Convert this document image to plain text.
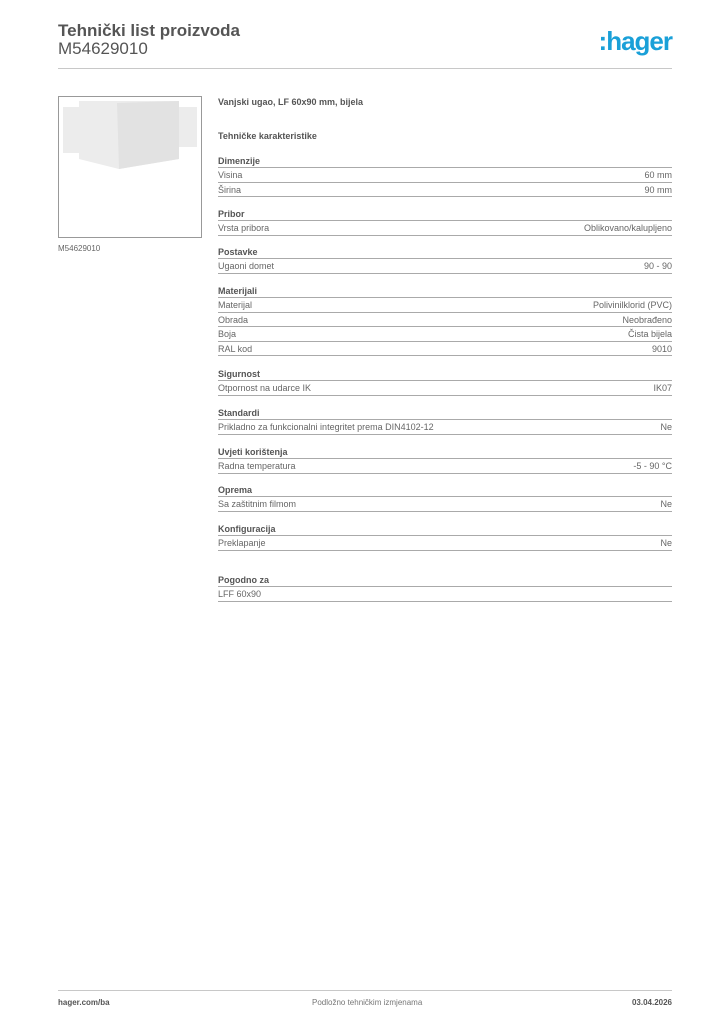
Tehnički list proizvoda
M54629010	:hager
M54629010
Vanjski ugao, LF 60x90 mm, bijela
Tehničke karakteristike
Dimenzije
Visina	60 mm
Širina	90 mm
Pribor
Vrsta pribora	Oblikovano/kalupljeno
Postavke
Ugaoni domet	90 - 90
Materijali
Materijal	Polivinilklorid (PVC)
Obrada	Neobrađeno
Boja	Čista bijela
RAL kod	9010
Sigurnost
Otpornost na udarce IK	IK07
Standardi
Prikladno za funkcionalni integritet prema DIN4102-12	Ne
Uvjeti korištenja
Radna temperatura	-5 - 90 °C
Oprema
Sa zaštitnim filmom	Ne
Konfiguracija
Preklapanje	Ne
Pogodno za
LFF 60x90
hager.com/ba	Podložno tehničkim izmjenama	03.04.2026
